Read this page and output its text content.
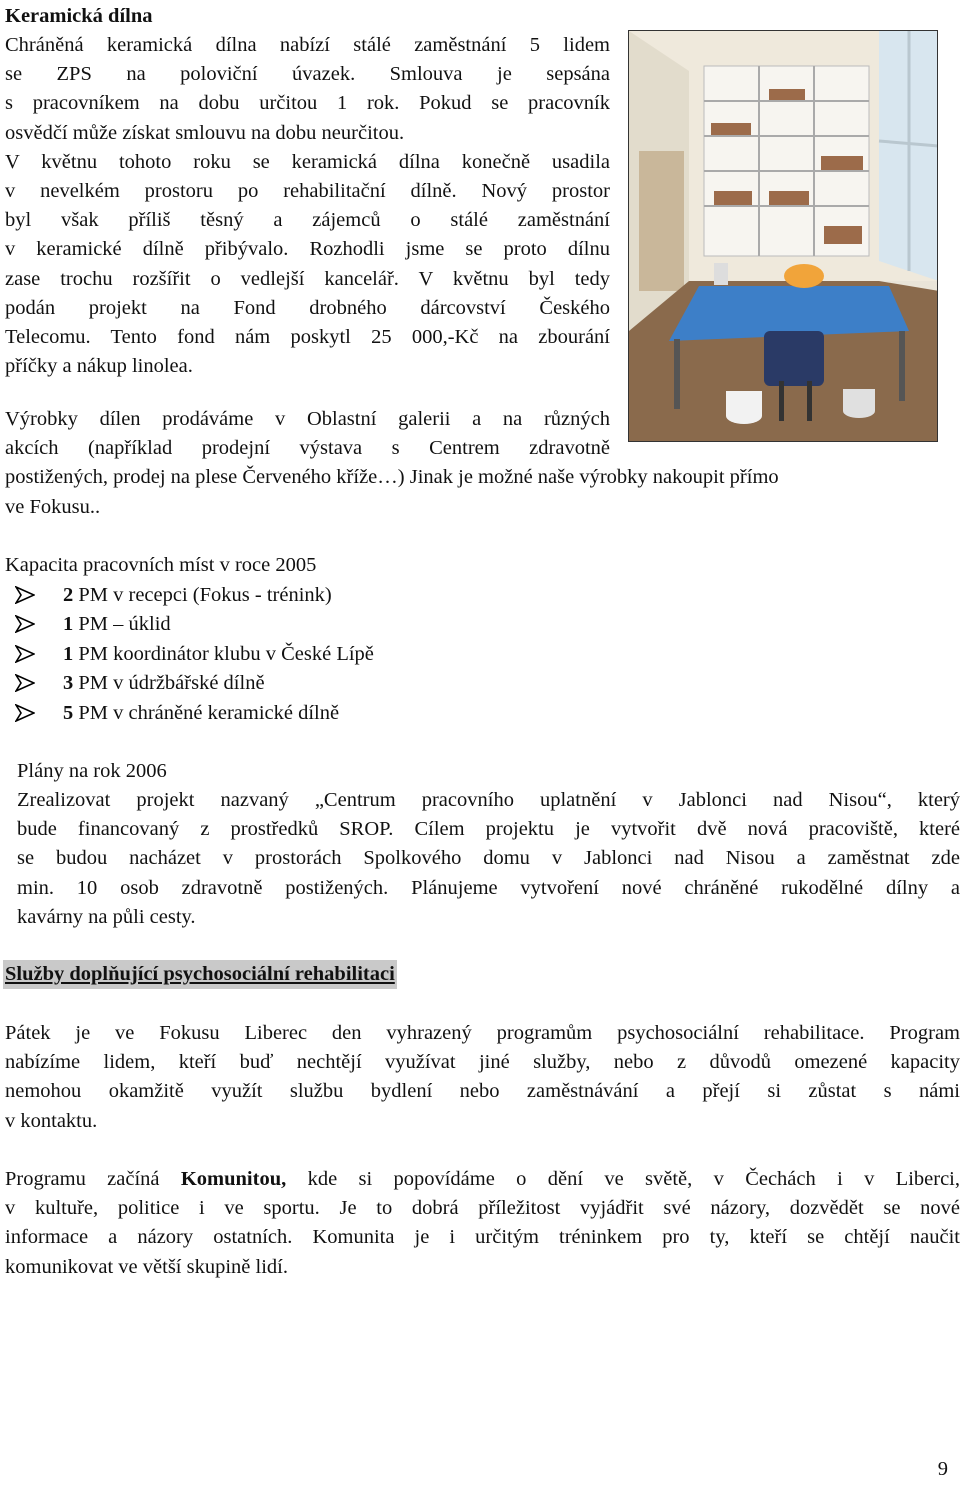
Keramická dílna

Chráněná keramická dílna nabízí stálé zaměstnání 5 lidem

se ZPS na poloviční úvazek. Smlouva je sepsána

s pracovníkem na dobu určitou 1 rok. Pokud se pracovník

osvědčí může získat smlouvu na dobu neurčitou.

V květnu tohoto roku se keramická dílna konečně usadila

v nevelkém prostoru po rehabilitační dílně. Nový prostor

byl však příliš těsný a zájemců o stálé zaměstnání

v keramické dílně přibývalo. Rozhodli jsme se proto dílnu

zase trochu rozšířit o vedlejší kancelář. V květnu byl tedy

podán projekt na Fond drobného dárcovství Českého

Telecomu. Tento fond nám poskytl 25 000,-Kč na zbourání

příčky a nákup linolea.

Výrobky dílen prodáváme v Oblastní galerii a na různých

akcích (například prodejní výstava s Centrem zdravotně

postižených, prodej na plese Červeného kříže…) Jinak je možné naše výrobky nakoupit přímo

ve Fokusu..

Kapacita pracovních míst v roce 2005
2 PM v recepci (Fokus - trénink)
1 PM – úklid
1 PM koordinátor klubu v České Lípě
3 PM v údržbářské dílně
5 PM v chráněné keramické dílně
Plány na rok 2006

Zrealizovat projekt nazvaný „Centrum pracovního uplatnění v Jablonci nad Nisou“, který

bude financovaný z prostředků SROP. Cílem projektu je vytvořit dvě nová pracoviště, které

se budou nacházet v prostorách Spolkového domu v Jablonci nad Nisou a zaměstnat zde

min. 10 osob zdravotně postižených. Plánujeme vytvoření nové chráněné rukodělné dílny a

kavárny na půli cesty.

Služby doplňující psychosociální rehabilitaci

Pátek je ve Fokusu Liberec den vyhrazený programům psychosociální rehabilitace. Program

nabízíme lidem, kteří buď nechtějí využívat jiné služby, nebo z důvodů omezené kapacity

nemohou okamžitě využít službu bydlení nebo zaměstnávání a přejí si zůstat s námi

v kontaktu.

Programu začíná Komunitou, kde si popovídáme o dění ve světě, v Čechách i v Liberci,

v kultuře, politice i ve sportu. Je to dobrá příležitost vyjádřit své názory, dozvědět se nové

informace a názory ostatních. Komunita je i určitým tréninkem pro ty, kteří se chtějí naučit

komunikovat ve větší skupině lidí.

9
